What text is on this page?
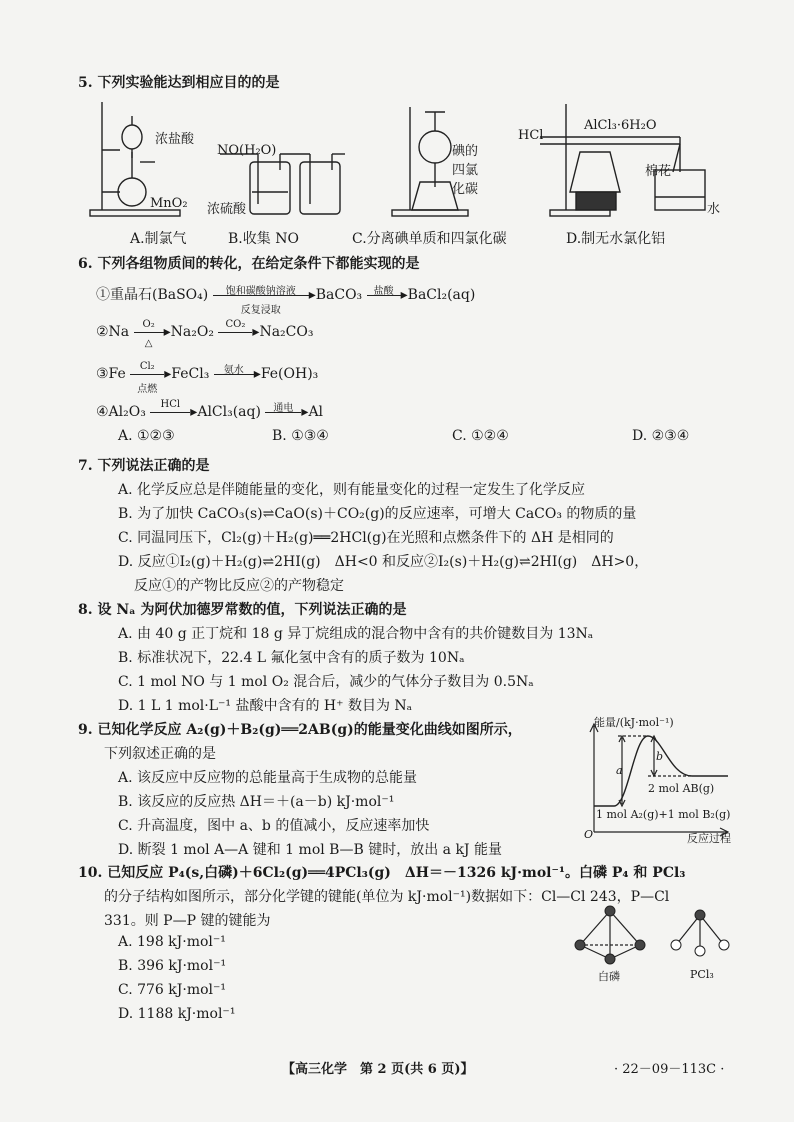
5. 下列实验能达到相应目的的是
浓盐酸
MnO₂
NO(H₂O)
浓硫酸
碘的四氯化碳
HCl
AlCl₃·6H₂O
棉花
水
A.制氯气	B.收集 NO	C.分离碘单质和四氯化碳	D.制无水氯化铝
6. 下列各组物质间的转化，在给定条件下都能实现的是
①重晶石(BaSO₄)	饱和碳酸钠溶液
反复浸取
▸BaCO₃	盐酸 ▸BaCl₂(aq)
②Na	O₂
△
▸Na₂O₂	CO₂ ▸Na₂CO₃
③Fe	Cl₂
点燃
▸FeCl₃	氨水 ▸Fe(OH)₃
④Al₂O₃	HCl ▸AlCl₃(aq)	通电 ▸Al
A. ①②③	B. ①③④	C. ①②④	D. ②③④
7. 下列说法正确的是
A. 化学反应总是伴随能量的变化，则有能量变化的过程一定发生了化学反应
B. 为了加快 CaCO₃(s)⇌CaO(s)＋CO₂(g)的反应速率，可增大 CaCO₃ 的物质的量
C. 同温同压下，Cl₂(g)＋H₂(g)══2HCl(g)在光照和点燃条件下的 ΔH 是相同的
D. 反应①I₂(g)＋H₂(g)⇌2HI(g)　ΔH<0 和反应②I₂(s)＋H₂(g)⇌2HI(g)　ΔH>0，
反应①的产物比反应②的产物稳定
8. 设 Nₐ 为阿伏加德罗常数的值，下列说法正确的是
A. 由 40 g 正丁烷和 18 g 异丁烷组成的混合物中含有的共价键数目为 13Nₐ
B. 标准状况下，22.4 L 氟化氢中含有的质子数为 10Nₐ
C. 1 mol NO 与 1 mol O₂ 混合后，减少的气体分子数目为 0.5Nₐ
D. 1 L 1 mol·L⁻¹ 盐酸中含有的 H⁺ 数目为 Nₐ
9. 已知化学反应 A₂(g)＋B₂(g)══2AB(g)的能量变化曲线如图所示，
下列叙述正确的是
A. 该反应中反应物的总能量高于生成物的总能量
B. 该反应的反应热 ΔH＝＋(a－b) kJ·mol⁻¹
C. 升高温度，图中 a、b 的值减小，反应速率加快
D. 断裂 1 mol A—A 键和 1 mol B—B 键时，放出 a kJ 能量
能量/(kJ·mol⁻¹)
反应过程
O
a
b
2 mol AB(g)
1 mol A₂(g)+1 mol B₂(g)
10. 已知反应 P₄(s,白磷)＋6Cl₂(g)══4PCl₃(g)　ΔH＝－1326 kJ·mol⁻¹。白磷 P₄ 和 PCl₃
的分子结构如图所示，部分化学键的键能(单位为 kJ·mol⁻¹)数据如下：Cl—Cl 243，P—Cl
331。则 P—P 键的键能为
A. 198 kJ·mol⁻¹
B. 396 kJ·mol⁻¹
C. 776 kJ·mol⁻¹
D. 1188 kJ·mol⁻¹
白磷	PCl₃
【高三化学　第 2 页(共 6 页)】	· 22－09－113C ·
